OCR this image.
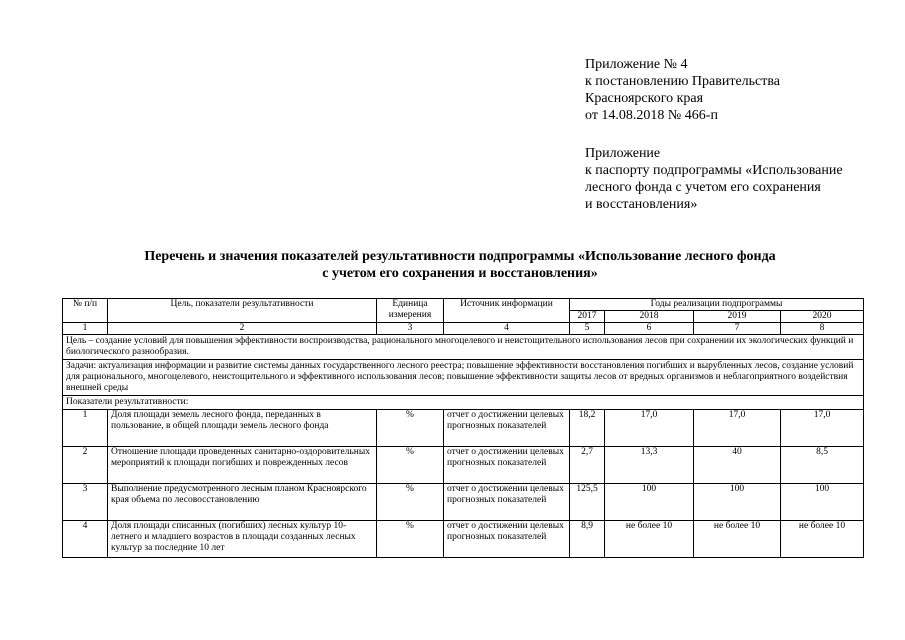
Приложение № 4
к постановлению Правительства
Красноярского края
от 14.08.2018 № 466-п
Приложение
к паспорту подпрограммы «Использование
лесного фонда с учетом его сохранения
и восстановления»
Перечень и значения показателей результативности подпрограммы «Использование лесного фонда
с учетом его сохранения и восстановления»
№ п/п	Цель, показатели результативности	Единица измерения	Источник информации	Годы реализации подпрограммы			
				2017	2018	2019	2020
1	2	3	4	5	6	7	8
Цель – создание условий для повышения эффективности воспроизводства, рационального многоцелевого и неистощительного использования лесов при сохранении их экологических функций и биологического разнообразия.							
Задачи: актуализация информации и развитие системы данных государственного лесного реестра; повышение эффективности восстановления погибших и вырубленных лесов, создание условий для рационального, многоцелевого, неистощительного и эффективного использования лесов; повышение эффективности защиты лесов от вредных организмов и неблагоприятного воздействия внешней среды							
Показатели результативности:							
1	Доля площади земель лесного фонда, переданных в пользование, в общей площади земель лесного фонда	%	отчет о достижении целевых прогнозных показателей	18,2	17,0	17,0	17,0
2	Отношение площади проведенных санитарно-оздоровительных мероприятий к площади погибших и поврежденных лесов	%	отчет о достижении целевых прогнозных показателей	2,7	13,3	40	8,5
3	Выполнение предусмотренного лесным планом Красноярского края объема по лесовосстановлению	%	отчет о достижении целевых прогнозных показателей	125,5	100	100	100
4	Доля площади списанных (погибших) лесных культур 10-летнего и младшего возрастов в площади созданных лесных культур за последние 10 лет	%	отчет о достижении целевых прогнозных показателей	8,9	не более 10	не более 10	не более 10
